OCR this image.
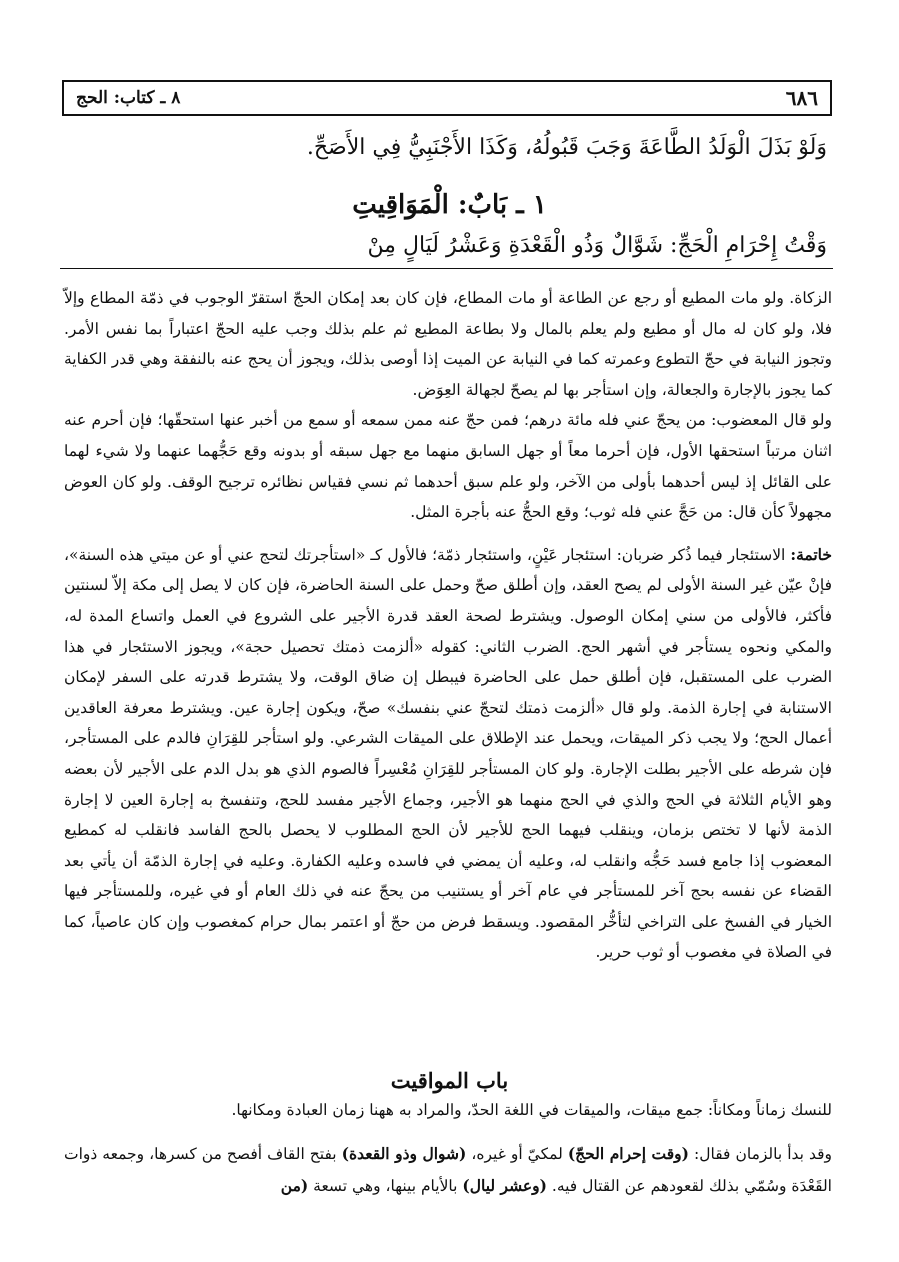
٦٨٦
٨ ـ كتاب: الحج
وَلَوْ بَذَلَ الْوَلَدُ الطَّاعَةَ وَجَبَ قَبُولُهُ، وَكَذَا الأَجْنَبِيُّ فِي الأَصَحِّ.
١ ـ بَابٌ: الْمَوَاقِيتِ
وَقْتُ إِحْرَامِ الْحَجِّ: شَوَّالٌ وَذُو الْقَعْدَةِ وَعَشْرُ لَيَالٍ مِنْ

الزكاة. ولو مات المطيع أو رجع عن الطاعة أو مات المطاع، فإن كان بعد إمكان الحجّ استقرّ الوجوب في ذمّة المطاع وإلاّ فلا، ولو كان له مال أو مطيع ولم يعلم بالمال ولا بطاعة المطيع ثم علم بذلك وجب عليه الحجّ اعتباراً بما نفس الأمر. وتجوز النيابة في حجّ التطوع وعمرته كما في النيابة عن الميت إذا أوصى بذلك، ويجوز أن يحج عنه بالنفقة وهي قدر الكفاية كما يجوز بالإجارة والجعالة، وإن استأجر بها لم يصحّ لجهالة العِوَض.

ولو قال المعضوب: من يحجّ عني فله مائة درهم؛ فمن حجّ عنه ممن سمعه أو سمع من أخبر عنها استحقّها؛ فإن أحرم عنه اثنان مرتباً استحقها الأول، فإن أحرما معاً أو جهل السابق منهما مع جهل سبقه أو بدونه وقع حَجُّهما عنهما ولا شيء لهما على القائل إذ ليس أحدهما بأولى من الآخر، ولو علم سبق أحدهما ثم نسي فقياس نظائره ترجيح الوقف. ولو كان العوض مجهولاً كأن قال: من حَجَّ عني فله ثوب؛ وقع الحجُّ عنه بأجرة المثل.

خاتمة: الاستئجار فيما ذُكر ضربان: استئجار عَيْنٍ، واستئجار ذمّة؛ فالأول كـ «استأجرتك لتحج عني أو عن ميتي هذه السنة»، فإنْ عيّن غير السنة الأولى لم يصح العقد، وإن أطلق صحّ وحمل على السنة الحاضرة، فإن كان لا يصل إلى مكة إلاّ لسنتين فأكثر، فالأولى من سني إمكان الوصول. ويشترط لصحة العقد قدرة الأجير على الشروع في العمل واتساع المدة له، والمكي ونحوه يستأجر في أشهر الحج. الضرب الثاني: كقوله «ألزمت ذمتك تحصيل حجة»، ويجوز الاستئجار في هذا الضرب على المستقبل، فإن أطلق حمل على الحاضرة فيبطل إن ضاق الوقت، ولا يشترط قدرته على السفر لإمكان الاستنابة في إجارة الذمة. ولو قال «ألزمت ذمتك لتحجّ عني بنفسك» صحّ، ويكون إجارة عين. ويشترط معرفة العاقدين أعمال الحج؛ ولا يجب ذكر الميقات، ويحمل عند الإطلاق على الميقات الشرعي. ولو استأجر للقِرَانِ فالدم على المستأجر، فإن شرطه على الأجير بطلت الإجارة. ولو كان المستأجر للقِرَانِ مُعْسِراً فالصوم الذي هو بدل الدم على الأجير لأن بعضه وهو الأيام الثلاثة في الحج والذي في الحج منهما هو الأجير، وجماع الأجير مفسد للحج، وتنفسخ به إجارة العين لا إجارة الذمة لأنها لا تختص بزمان، وينقلب فيهما الحج للأجير لأن الحج المطلوب لا يحصل بالحج الفاسد فانقلب له كمطيع المعضوب إذا جامع فسد حَجُّه وانقلب له، وعليه أن يمضي في فاسده وعليه الكفارة. وعليه في إجارة الذمّة أن يأتي بعد القضاء عن نفسه بحج آخر للمستأجر في عام آخر أو يستنيب من يحجّ عنه في ذلك العام أو في غيره، وللمستأجر فيها الخيار في الفسخ على التراخي لتأخُّر المقصود. ويسقط فرض من حجّ أو اعتمر بمال حرام كمغصوب وإن كان عاصياً، كما في الصلاة في مغصوب أو ثوب حرير.

باب المواقيت

للنسك زماناً ومكاناً: جمع ميقات، والميقات في اللغة الحدّ، والمراد به ههنا زمان العبادة ومكانها.

وقد بدأ بالزمان فقال: (وقت إحرام الحجّ) لمكيّ أو غيره، (شوال وذو القعدة) بفتح القاف أفصح من كسرها، وجمعه ذوات القَعْدَة وسُمّي بذلك لقعودهم عن القتال فيه. (وعشر ليال) بالأيام بينها، وهي تسعة (من
